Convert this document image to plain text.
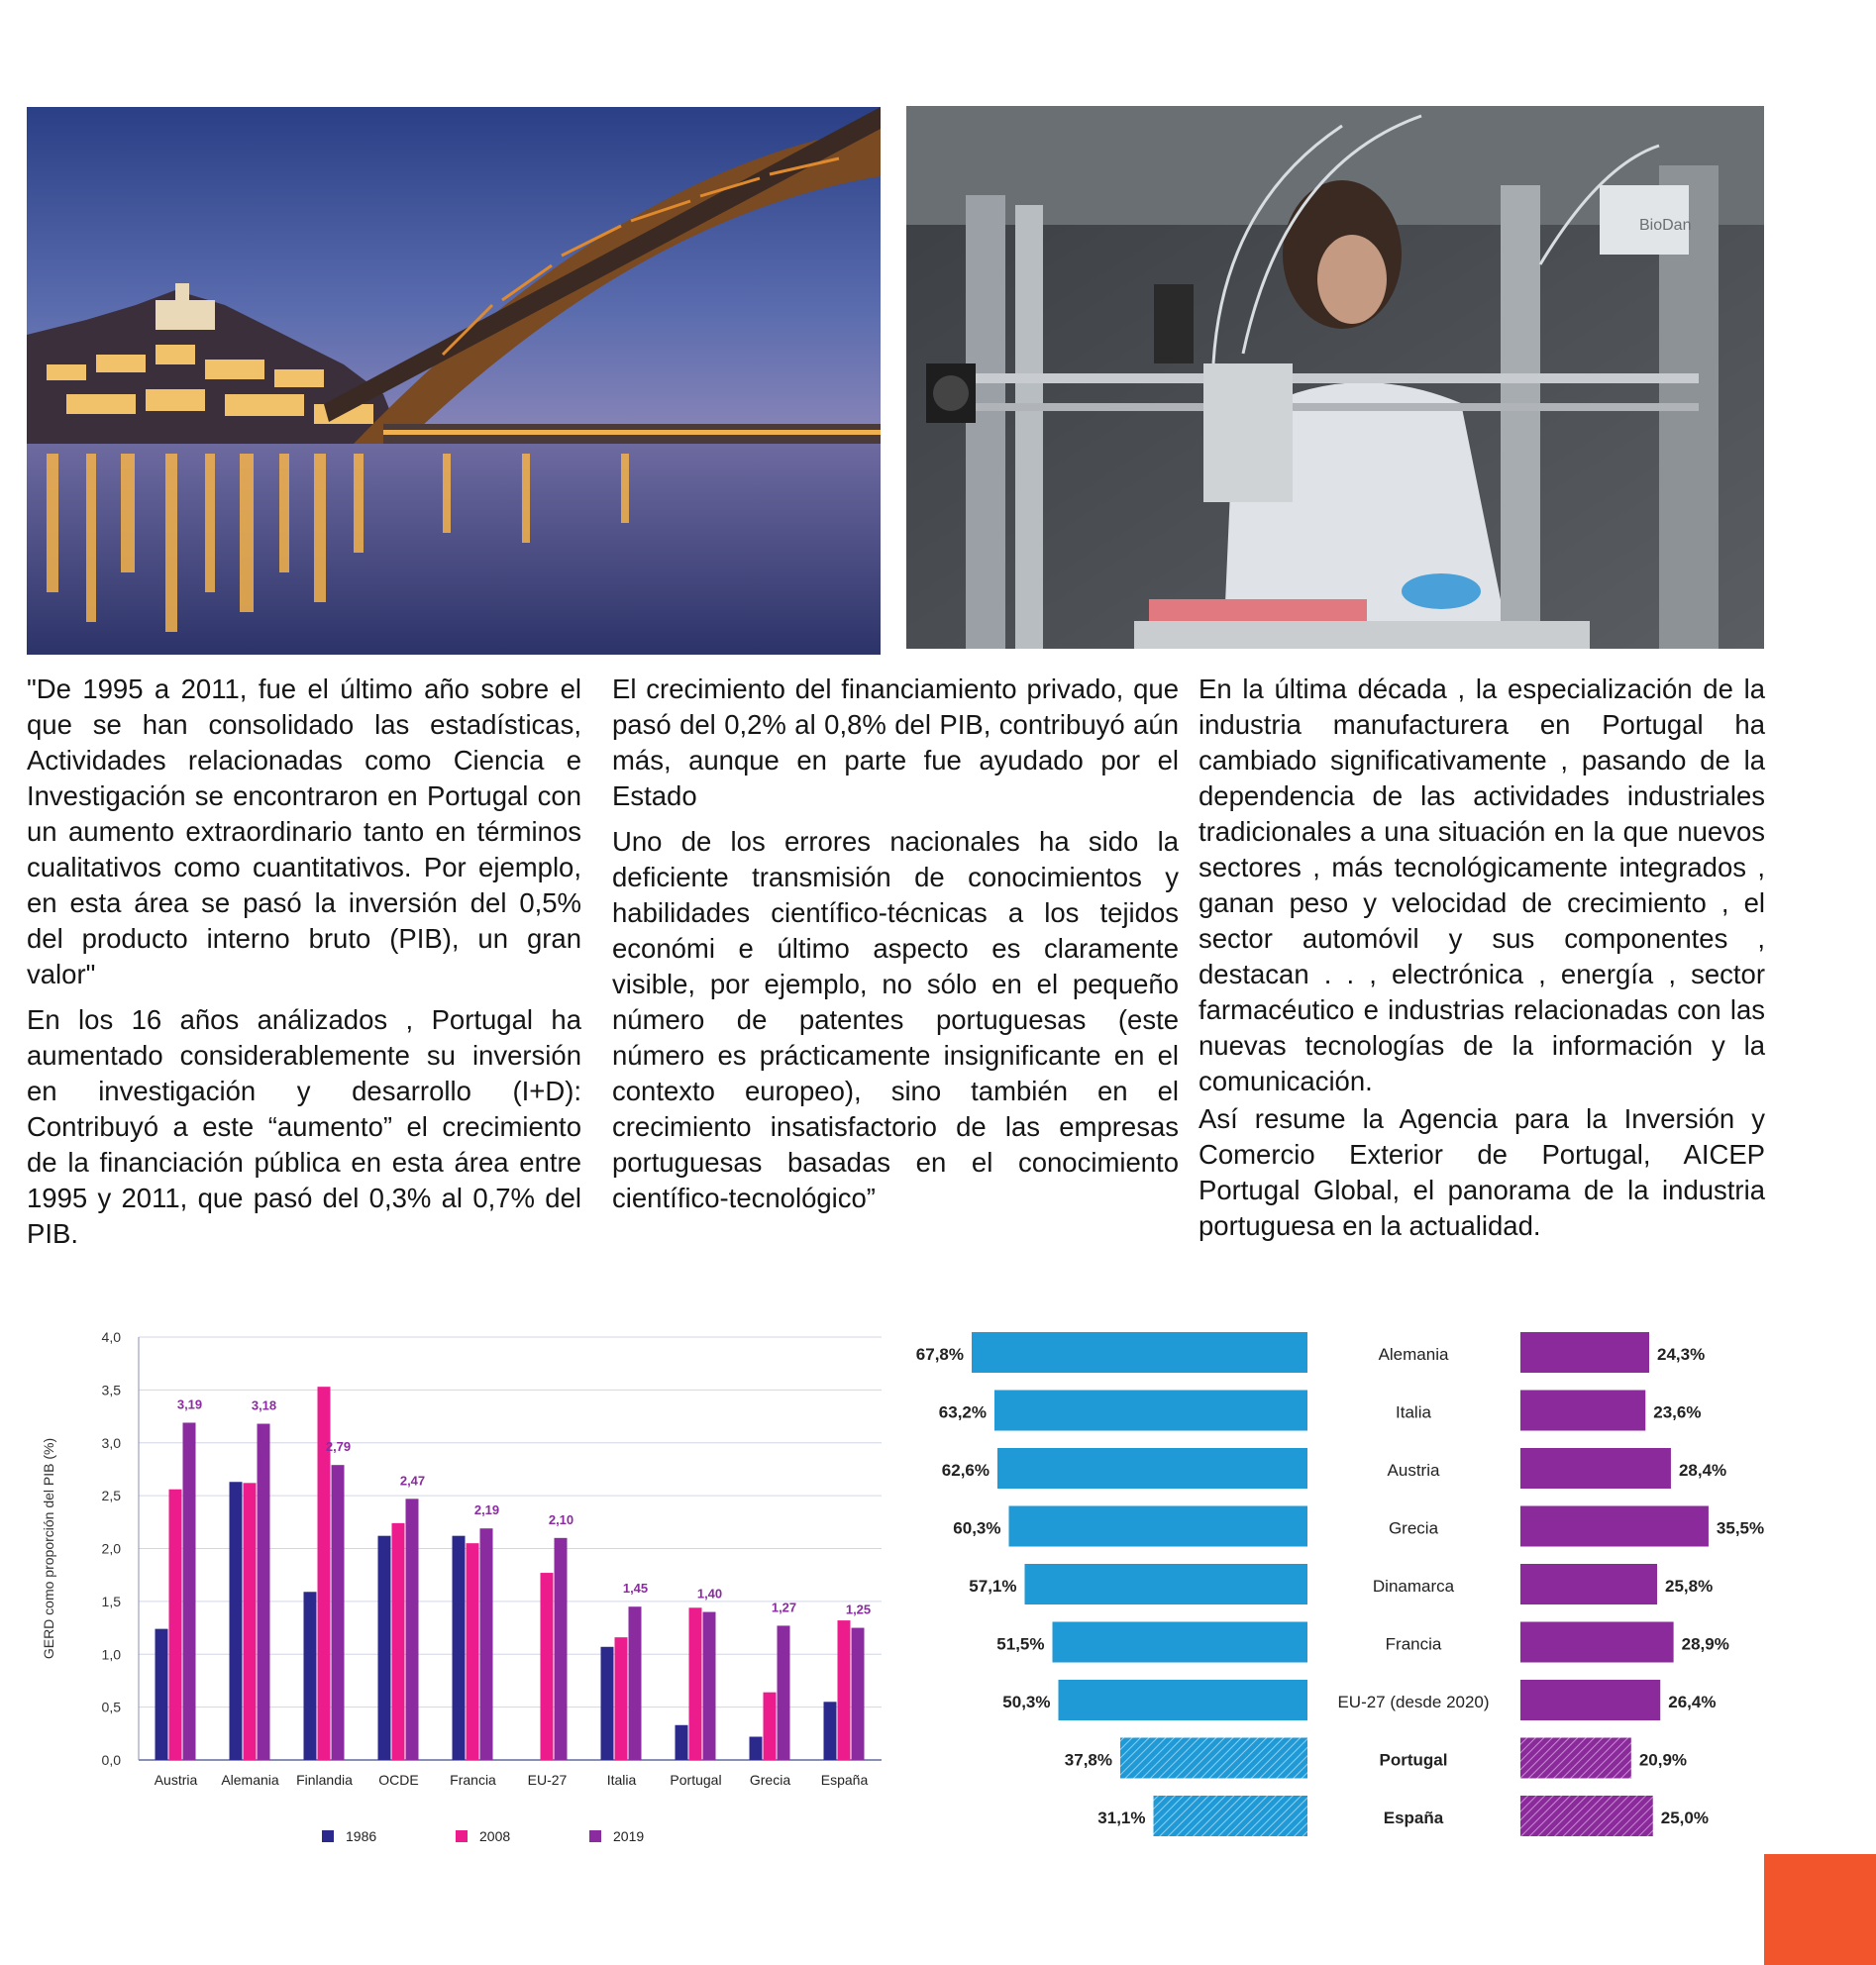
BioDan

"De 1995 a 2011, fue el último año sobre el que se han consolidado las estadísticas, Actividades relacionadas como Ciencia e Investigación se encontraron en Portugal con un aumento extraordinario tanto en términos cualitativos como cuantitativos. Por ejemplo, en esta área se pasó la inversión del 0,5% del producto interno bruto (PIB), un gran valor"

En los 16 años análizados , Portugal ha aumentado considerablemente su inversión en investigación y desarrollo (I+D): Contribuyó a este “aumento” el crecimiento de la financiación pública en esta área entre 1995 y 2011, que pasó del 0,3% al 0,7% del PIB.

El crecimiento del financiamiento privado, que pasó del 0,2% al 0,8% del PIB, contribuyó aún más, aunque en parte fue ayudado por el Estado

Uno de los errores nacionales ha sido la deficiente transmisión de conocimientos y habilidades científico-técnicas a los tejidos económi e último aspecto es claramente visible, por ejemplo, no sólo en el pequeño número de patentes portuguesas (este número es prácticamente insignificante en el contexto europeo), sino también en el crecimiento insatisfactorio de las empresas portuguesas basadas en el conocimiento científico-tecnológico”

En la última década , la especialización de la industria manufacturera en Portugal ha cambiado significativamente , pasando de la dependencia de las actividades industriales tradicionales a una situación en la que nuevos sectores , más tecnológicamente integrados , ganan peso y velocidad de crecimiento , el sector automóvil y sus componentes , destacan . . , electrónica , energía , sector farmacéutico e industrias relacionadas con las nuevas tecnologías de la información y la comunicación.

Así resume la Agencia para la Inversión y Comercio Exterior de Portugal, AICEP Portugal Global, el panorama de la industria portuguesa en la actualidad.

0,0
0,5
1,0
1,5
2,0
2,5
3,0
3,5
4,0
GERD como proporción del PIB (%)
3,19
Austria
3,18
Alemania
2,79
Finlandia
2,47
OCDE
2,19
Francia
2,10
EU-27
1,45
Italia
1,40
Portugal
1,27
Grecia
1,25
España
1986	2008	2019
67,8%	Alemania	24,3%
63,2%	Italia	23,6%
62,6%	Austria	28,4%
60,3%	Grecia	35,5%
57,1%	Dinamarca	25,8%
51,5%	Francia	28,9%
50,3%	EU-27 (desde 2020)	26,4%
37,8%	Portugal	20,9%
31,1%	España	25,0%
